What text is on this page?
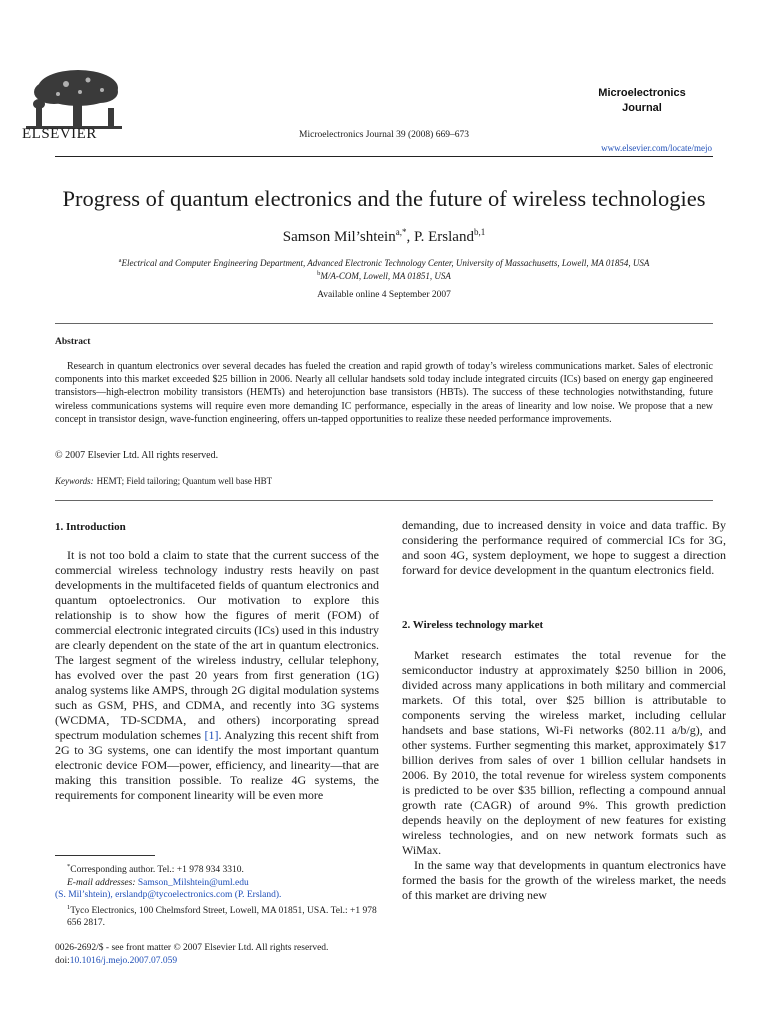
ELSEVIER	Microelectronics Journal 39 (2008) 669–673
Microelectronics
Journal
www.elsevier.com/locate/mejo
Progress of quantum electronics and the future of wireless technologies
Samson Mil’shtein$^{a,*}$, P. Ersland$^{b,1}$
$^a$Electrical and Computer Engineering Department, Advanced Electronic Technology Center, University of Massachusetts, Lowell, MA 01854, USA
$^b$M/A-COM, Lowell, MA 01851, USA
Available online 4 September 2007
Abstract
Research in quantum electronics over several decades has fueled the creation and rapid growth of today’s wireless communications market. Sales of electronic components into this market exceeded $25 billion in 2006. Nearly all cellular handsets sold today include integrated circuits (ICs) based on energy gap engineered transistors—high-electron mobility transistors (HEMTs) and heterojunction base transistors (HBTs). The success of these technologies notwithstanding, future wireless communications systems will require even more demanding IC performance, especially in the areas of linearity and low noise. We propose that a new concept in transistor design, wave-function engineering, offers un-tapped opportunities to realize these needed performance improvements.
© 2007 Elsevier Ltd. All rights reserved.
Keywords: HEMT; Field tailoring; Quantum well base HBT
1. Introduction

It is not too bold a claim to state that the current success of the commercial wireless technology industry rests heavily on past developments in the multifaceted fields of quantum electronics and quantum optoelectronics. Our motivation to explore this relationship is to show how the figures of merit (FOM) of commercial electronic integrated circuits (ICs) used in this industry are clearly dependent on the state of the art in quantum electronics. The largest segment of the wireless industry, cellular telephony, has evolved over the past 20 years from first generation (1G) analog systems like AMPS, through 2G digital modulation systems such as GSM, PHS, and CDMA, and recently into 3G systems (WCDMA, TD-SCDMA, and others) incorporating spread spectrum modulation schemes [1]. Analyzing this recent shift from 2G to 3G systems, one can identify the most important quantum electronic device FOM—power, efficiency, and linearity—that are making this transition possible. To realize 4G systems, the requirements for component linearity will be even more

demanding, due to increased density in voice and data traffic. By considering the performance required of commercial ICs for 3G, and soon 4G, system deployment, we hope to suggest a direction forward for device development in the quantum electronics field.

2. Wireless technology market

Market research estimates the total revenue for the semiconductor industry at approximately $250 billion in 2006, divided across many applications in both military and commercial markets. Of this total, over $25 billion is attributable to components serving the wireless market, including cellular handsets and base stations, Wi-Fi networks (802.11 a/b/g), and other systems. Further segmenting this market, approximately $17 billion derives from sales of over 1 billion cellular handsets in 2006. By 2010, the total revenue for wireless system components is predicted to be over $35 billion, reflecting a compound annual growth rate (CAGR) of around 9%. This growth prediction depends heavily on the deployment of new features for existing wireless technologies, and on new network formats such as WiMax.

In the same way that developments in quantum electronics have formed the basis for the growth of the wireless market, the needs of this market are driving new

*Corresponding author. Tel.: +1 978 934 3310.
E-mail addresses: Samson_Milshtein@uml.edu
(S. Mil’shtein), erslandp@tycoelectronics.com (P. Ersland).
$^1$Tyco Electronics, 100 Chelmsford Street, Lowell, MA 01851, USA. Tel.: +1 978 656 2817.
0026-2692/$ - see front matter © 2007 Elsevier Ltd. All rights reserved.
doi:10.1016/j.mejo.2007.07.059
